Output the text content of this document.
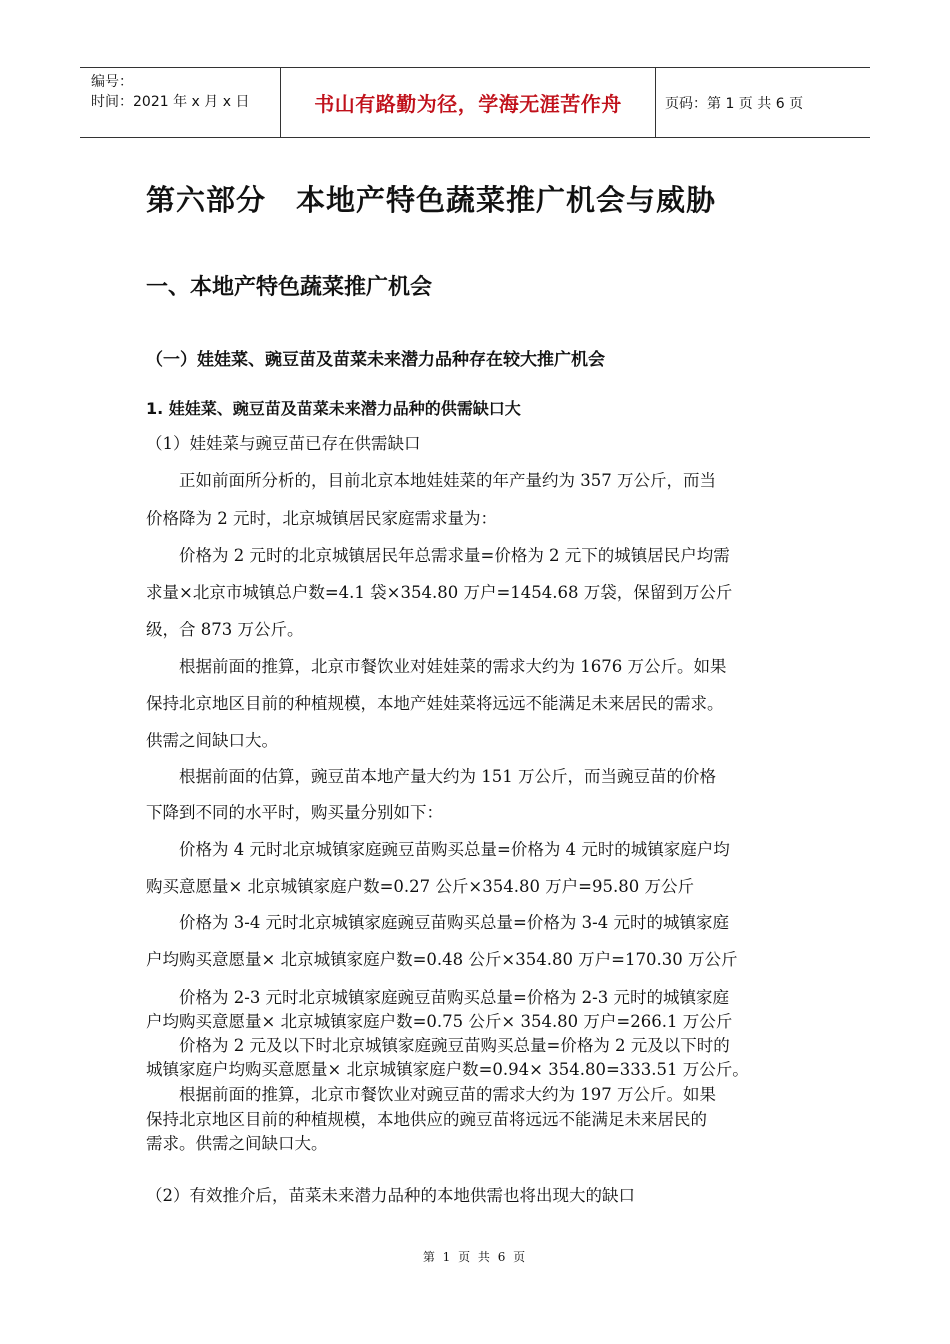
编号：
时间：2021 年 x 月 x 日	书山有路勤为径，学海无涯苦作舟	页码：第 1 页 共 6 页
第六部分　本地产特色蔬菜推广机会与威胁
一、本地产特色蔬菜推广机会
（一）娃娃菜、豌豆苗及苗菜未来潜力品种存在较大推广机会
1. 娃娃菜、豌豆苗及苗菜未来潜力品种的供需缺口大
（1）娃娃菜与豌豆苗已存在供需缺口
　　正如前面所分析的，目前北京本地娃娃菜的年产量约为 357 万公斤，而当
价格降为 2 元时，北京城镇居民家庭需求量为：
　　价格为 2 元时的北京城镇居民年总需求量=价格为 2 元下的城镇居民户均需
求量×北京市城镇总户数=4.1 袋×354.80 万户=1454.68 万袋，保留到万公斤
级，合 873 万公斤。
　　根据前面的推算，北京市餐饮业对娃娃菜的需求大约为 1676 万公斤。如果
保持北京地区目前的种植规模，本地产娃娃菜将远远不能满足未来居民的需求。
供需之间缺口大。
　　根据前面的估算，豌豆苗本地产量大约为 151 万公斤，而当豌豆苗的价格
下降到不同的水平时，购买量分别如下：
　　价格为 4 元时北京城镇家庭豌豆苗购买总量=价格为 4 元时的城镇家庭户均
购买意愿量× 北京城镇家庭户数=0.27 公斤×354.80 万户=95.80 万公斤
　　价格为 3-4 元时北京城镇家庭豌豆苗购买总量=价格为 3-4 元时的城镇家庭
户均购买意愿量× 北京城镇家庭户数=0.48 公斤×354.80 万户=170.30 万公斤
　　价格为 2-3 元时北京城镇家庭豌豆苗购买总量=价格为 2-3 元时的城镇家庭
户均购买意愿量× 北京城镇家庭户数=0.75 公斤× 354.80 万户=266.1 万公斤
　　价格为 2 元及以下时北京城镇家庭豌豆苗购买总量=价格为 2 元及以下时的
城镇家庭户均购买意愿量× 北京城镇家庭户数=0.94× 354.80=333.51 万公斤。
　　根据前面的推算，北京市餐饮业对豌豆苗的需求大约为 197 万公斤。如果
保持北京地区目前的种植规模，本地供应的豌豆苗将远远不能满足未来居民的
需求。供需之间缺口大。
（2）有效推介后，苗菜未来潜力品种的本地供需也将出现大的缺口
第 1 页 共 6 页
